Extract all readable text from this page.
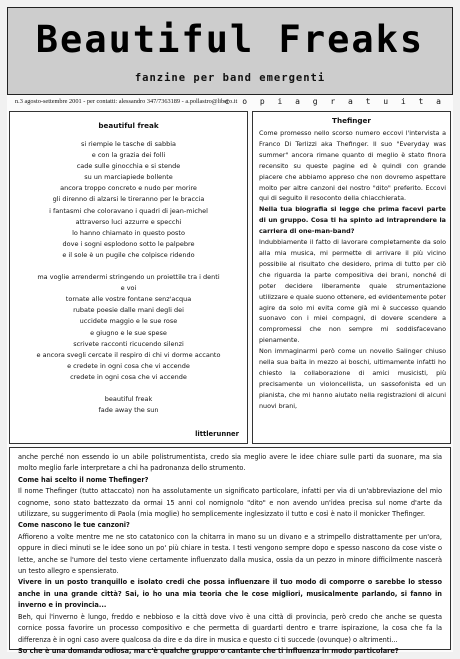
Beautiful Freaks
fanzine per band emergenti
n.3 agosto-settembre 2001 - per contatti: alessandro 347/7363189 - a.pollastro@libero.it
c o p i a g r a t u i t a
beautiful freak
si riempie le tasche di sabbia
e con la grazia dei folli
cade sulle ginocchia e si stende
su un marciapiede bollente
ancora troppo concreto e nudo per morire
gli direnno di alzarsi le tireranno per le braccia
i fantasmi che coloravano i quadri di jean-michel
attraverso luci azzurre e specchi
lo hanno chiamato in questo posto
dove i sogni esplodono sotto le palpebre
e il sole è un pugile che colpisce ridendo
ma voglie arrendermi stringendo un proiettile tra i denti
e voi
tornate alle vostre fontane senz'acqua
rubate poesie dalle mani degli dei
uccidete maggio e le sue rose
e giugno e le sue spese
scrivete racconti ricucendo silenzi
e ancora svegli cercate il respiro di chi vi dorme accanto
e credete in ogni cosa che vi accende
credete in ogni cosa che vi accende
beautiful freak
fade away the sun
littlerunner
Thefinger

Come promesso nello scorso numero eccovi l'intervista a Franco Di Terlizzi aka Thefinger. Il suo "Everyday was summer" ancora rimane quanto di meglio è stato finora recensito su queste pagine ed è quindi con grande piacere che abbiamo appreso che non dovremo aspettare molto per altre canzoni del nostro "dito" preferito. Eccovi qui di seguito il resoconto della chiacchierata.

Nella tua biografia si legge che prima facevi parte di un gruppo. Cosa ti ha spinto ad intraprendere la carriera di one-man-band?

Indubbiamente il fatto di lavorare completamente da solo alla mia musica, mi permette di arrivare il più vicino possibile al risultato che desidero, prima di tutto per ciò che riguarda la parte compositiva dei brani, nonché di poter decidere liberamente quale strumentazione utilizzare e quale suono ottenere, ed evidentemente poter agire da solo mi evita come già mi è successo quando suonavo con i miei compagni, di dovere scendere a compromessi che non sempre mi soddisfacevano pienamente.

Non immaginarmi però come un novello Salinger chiuso nella sua baita in mezzo ai boschi, ultimamente infatti ho chiesto la collaborazione di amici musicisti, più precisamente un violoncellista, un sassofonista ed un pianista, che mi hanno aiutato nella registrazioni di alcuni nuovi brani,

anche perché non essendo io un abile polistrumentista, credo sia meglio avere le idee chiare sulle parti da suonare, ma sia molto meglio farle interpretare a chi ha padronanza dello strumento.

Come hai scelto il nome Thefinger?

Il nome Thefinger (tutto attaccato) non ha assolutamente un significato particolare, infatti per via di un'abbreviazione del mio cognome, sono stato battezzato da ormai 15 anni col nomignolo "dito" e non avendo un'idea precisa sul nome d'arte da utilizzare, su suggerimento di Paola (mia moglie) ho semplicemente inglesizzato il tutto e così è nato il monicker Thefinger.

Come nascono le tue canzoni?

Affioreno a volte mentre me ne sto catatonico con la chitarra in mano su un divano e a strimpello distrattamente per un'ora, oppure in dieci minuti se le idee sono un po' più chiare in testa. I testi vengono sempre dopo e spesso nascono da cose viste o lette, anche se l'umore del testo viene certamente influenzato dalla musica, ossia da un pezzo in minore difficilmente nascerà un testo allegro e spensierato.

Vivere in un posto tranquillo e isolato credi che possa influenzare il tuo modo di comporre o sarebbe lo stesso anche in una grande città? Sai, io ho una mia teoria che le cose migliori, musicalmente parlando, si fanno in inverno e in provincia...

Beh, qui l'inverno è lungo, freddo e nebbioso e la città dove vivo è una città di provincia, però credo che anche se questa cornice possa favorire un processo compositivo e che permetta di guardarti dentro e trarre ispirazione, la cosa che fa la differenza è in ogni caso avere qualcosa da dire e da dire in musica e questo ci ti succede (ovunque) o altrimenti...

So che è una domanda odiosa, ma c'è qualche gruppo o cantante che ti influenza in modo particolare?
